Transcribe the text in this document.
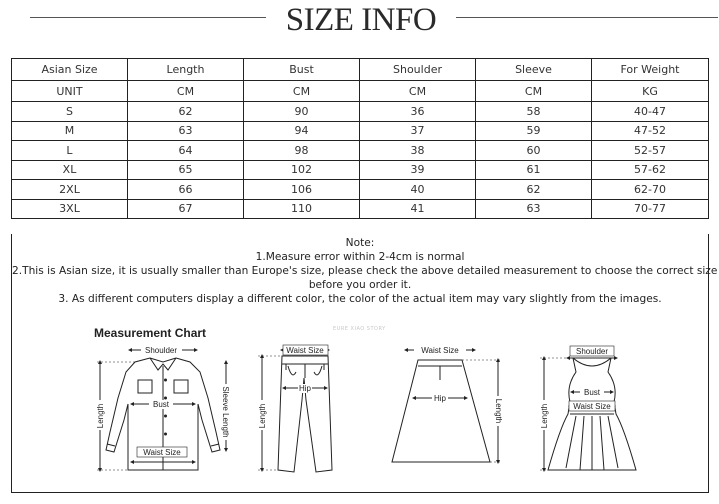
SIZE INFO
Asian Size	Length	Bust	Shoulder	Sleeve	For Weight
UNIT	CM	CM	CM	CM	KG
S	62	90	36	58	40-47
M	63	94	37	59	47-52
L	64	98	38	60	52-57
XL	65	102	39	61	57-62
2XL	66	106	40	62	62-70
3XL	67	110	41	63	70-77
Note:
1.Measure error within 2-4cm is normal
2.This is Asian size, it is usually smaller than Europe's size, please check the above detailed measurement to choose the correct size
before you order it.
3. As different computers display a different color, the color of the actual item may vary slightly from the images.
Measurement Chart	EURE XIAO STORY
Shoulder
Bust
Waist Size
Length	Sleeve Length
Waist Size
Hip
Length
Waist Size
Hip
Length
Shoulder
Bust
Waist Size
Length
